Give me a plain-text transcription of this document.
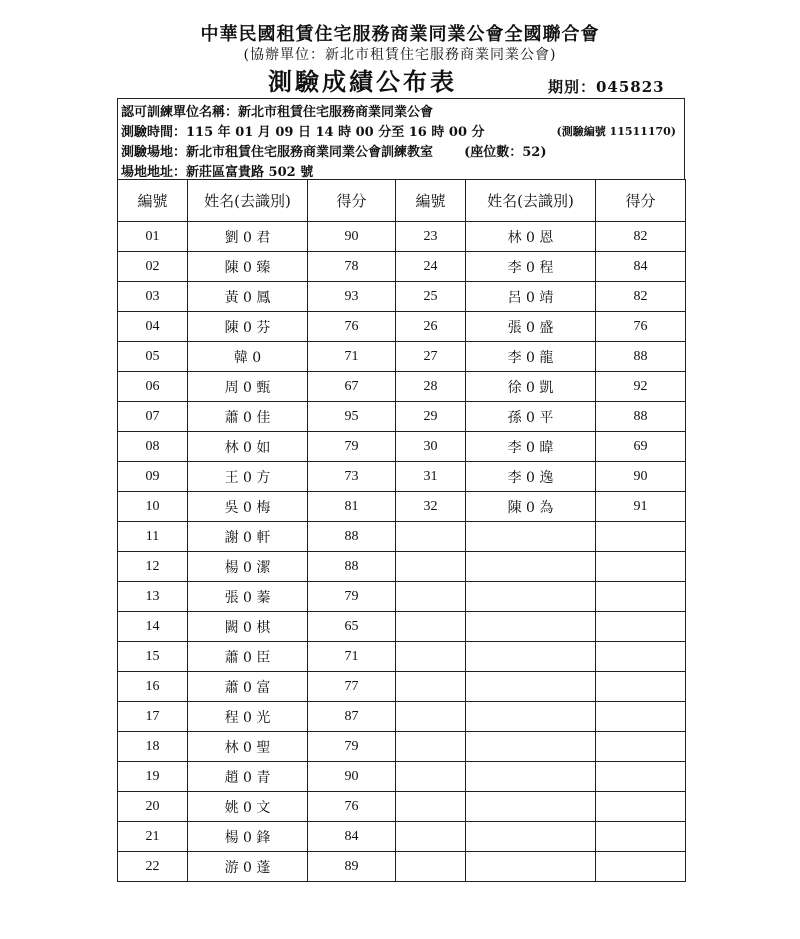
中華民國租賃住宅服務商業同業公會全國聯合會
(協辦單位：新北市租賃住宅服務商業同業公會)
測驗成績公布表	期別：045823
認可訓練單位名稱：新北市租賃住宅服務商業同業公會
測驗時間：115 年 01 月 09 日 14 時 00 分至 16 時 00 分	(測驗編號 11511170)
測驗場地：新北市租賃住宅服務商業同業公會訓練教室 (座位數：52)
場地地址：新莊區富貴路 502 號
編號	姓名(去識別)	得分	編號	姓名(去識別)	得分
01	劉 0 君	90	23	林 0 恩	82
02	陳 0 臻	78	24	李 0 程	84
03	黃 0 鳳	93	25	呂 0 靖	82
04	陳 0 芬	76	26	張 0 盛	76
05	韓 0	71	27	李 0 龍	88
06	周 0 甄	67	28	徐 0 凱	92
07	蕭 0 佳	95	29	孫 0 平	88
08	林 0 如	79	30	李 0 暐	69
09	王 0 方	73	31	李 0 逸	90
10	吳 0 梅	81	32	陳 0 為	91
11	謝 0 軒	88			
12	楊 0 潔	88			
13	張 0 蓁	79			
14	闕 0 棋	65			
15	蕭 0 臣	71			
16	蕭 0 富	77			
17	程 0 光	87			
18	林 0 聖	79			
19	趙 0 青	90			
20	姚 0 文	76			
21	楊 0 鋒	84			
22	游 0 蓬	89			
